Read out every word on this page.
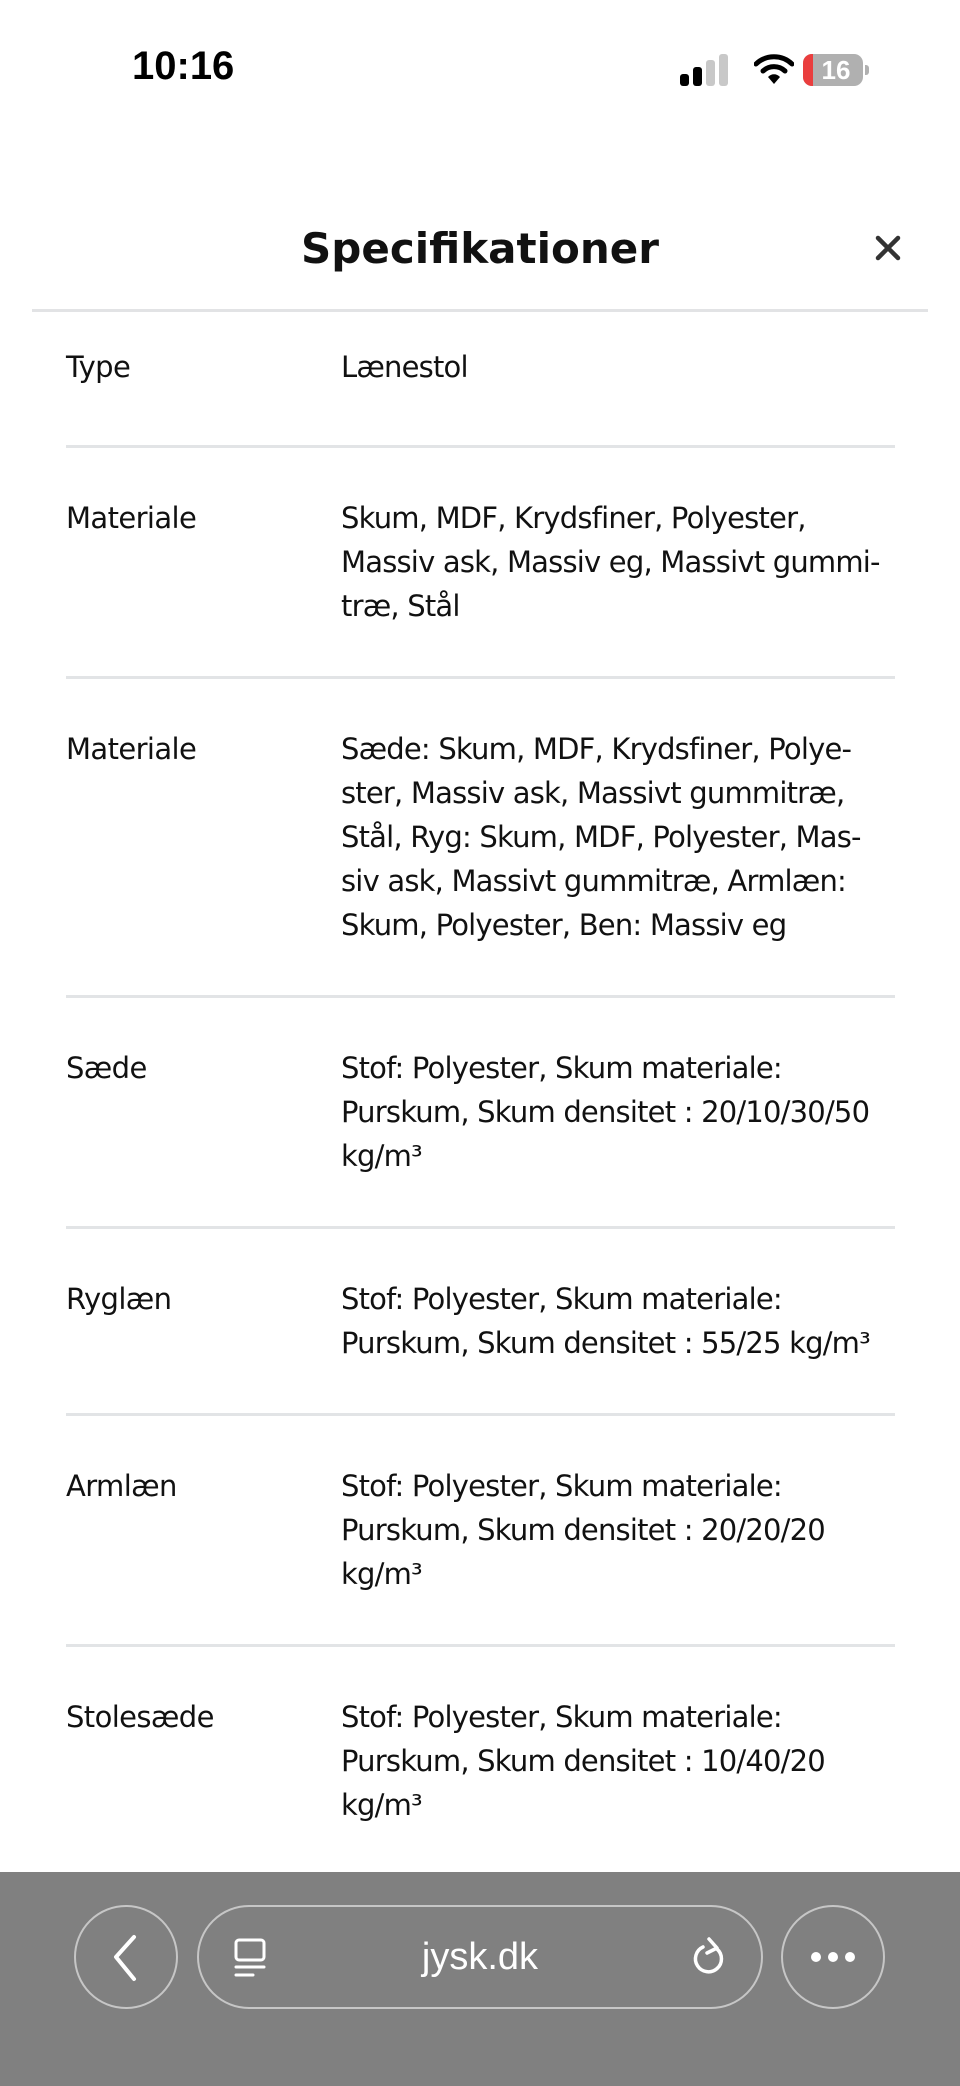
10:16	16
Specifikationer
Type	Lænestol
Materiale	Skum, MDF, Krydsfiner, Polyester, Massiv ask, Massiv eg, Massivt gummi-træ, Stål
Materiale	Sæde: Skum, MDF, Krydsfiner, Polye-ster, Massiv ask, Massivt gummitræ, Stål, Ryg: Skum, MDF, Polyester, Mas-siv ask, Massivt gummitræ, Armlæn: Skum, Polyester, Ben: Massiv eg
Sæde	Stof: Polyester, Skum materiale: Purskum, Skum densitet : 20/10/30/50 kg/m³
Ryglæn	Stof: Polyester, Skum materiale: Purskum, Skum densitet : 55/25 kg/m³
Armlæn	Stof: Polyester, Skum materiale: Purskum, Skum densitet : 20/20/20 kg/m³
Stolesæde	Stof: Polyester, Skum materiale: Purskum, Skum densitet : 10/40/20 kg/m³
jysk.dk
